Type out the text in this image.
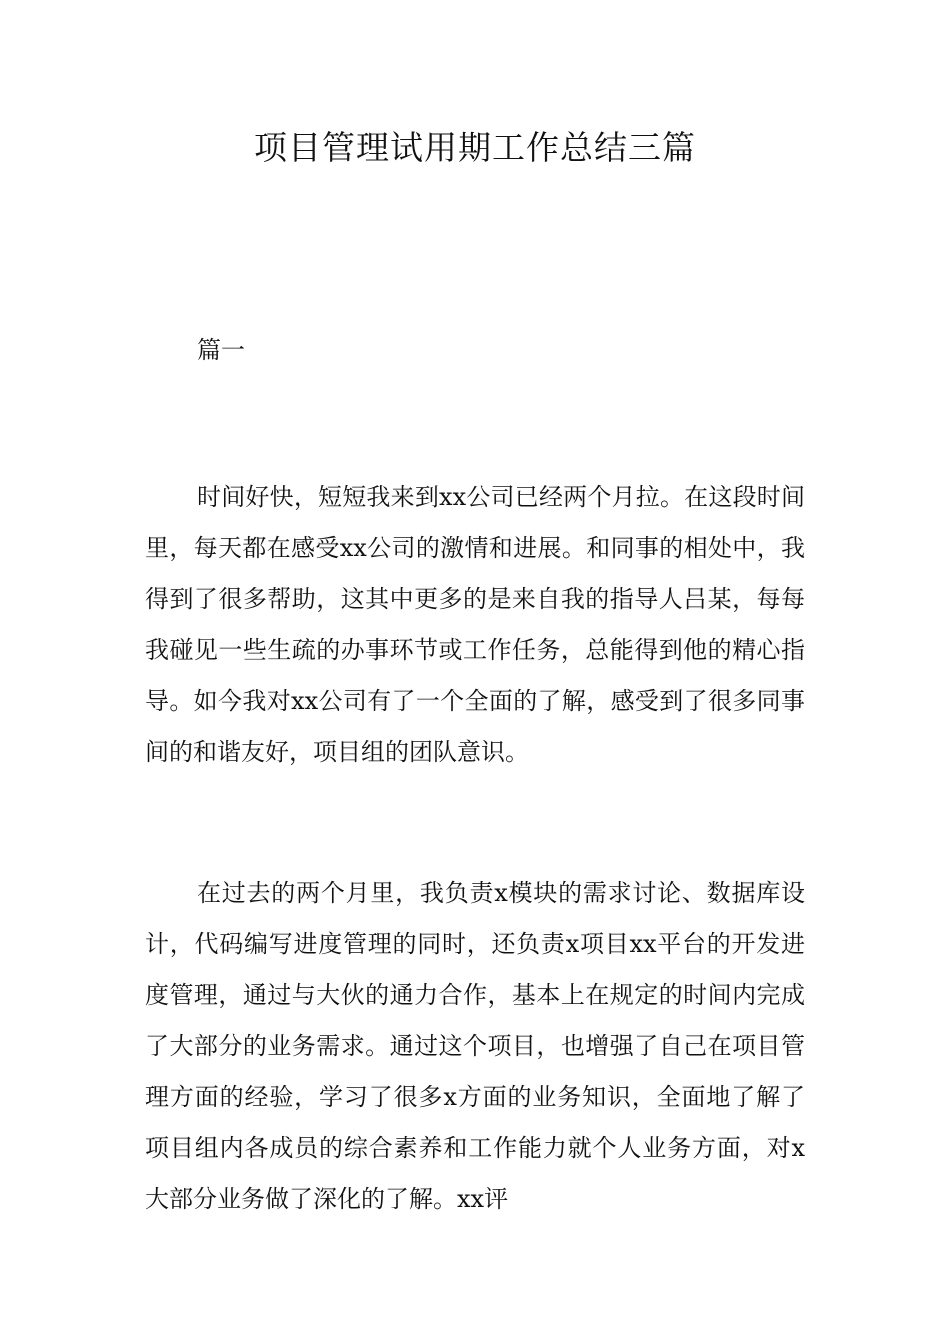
项目管理试用期工作总结三篇
篇一

时间好快，短短我来到xx公司已经两个月拉。在这段时间里，每天都在感受xx公司的激情和进展。和同事的相处中，我得到了很多帮助，这其中更多的是来自我的指导人吕某，每每我碰见一些生疏的办事环节或工作任务，总能得到他的精心指导。如今我对xx公司有了一个全面的了解，感受到了很多同事间的和谐友好，项目组的团队意识。

在过去的两个月里，我负责x模块的需求讨论、数据库设计，代码编写进度管理的同时，还负责x项目xx平台的开发进度管理，通过与大伙的通力合作，基本上在规定的时间内完成了大部分的业务需求。通过这个项目，也增强了自己在项目管理方面的经验，学习了很多x方面的业务知识，全面地了解了项目组内各成员的综合素养和工作能力就个人业务方面，对x大部分业务做了深化的了解。xx评
